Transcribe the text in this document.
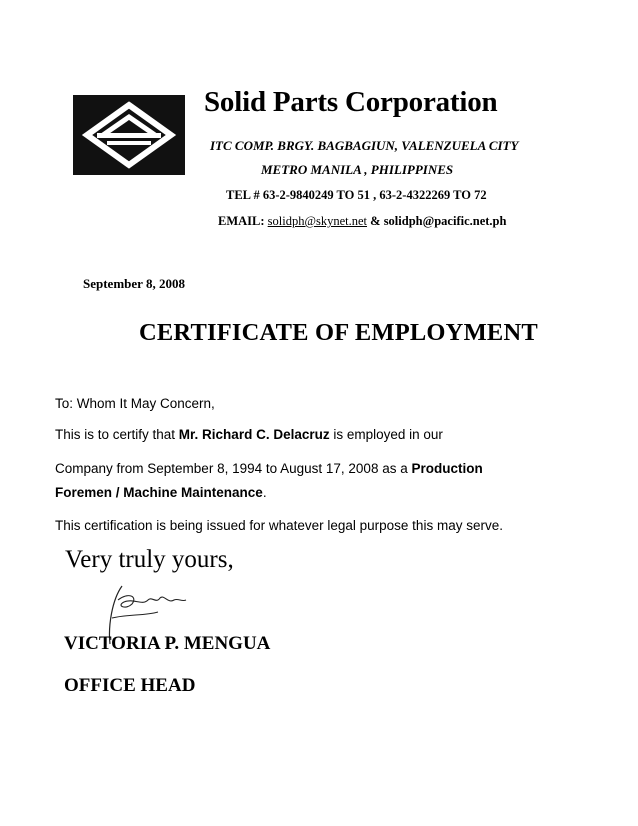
Solid Parts Corporation
ITC COMP. BRGY. BAGBAGIUN, VALENZUELA CITY
METRO MANILA , PHILIPPINES
TEL # 63-2-9840249 TO 51 , 63-2-4322269 TO 72
EMAIL: solidph@skynet.net & solidph@pacific.net.ph
September 8, 2008
CERTIFICATE OF EMPLOYMENT
To: Whom It May Concern,
This is to certify that Mr. Richard C. Delacruz is employed in our
Company from September 8, 1994 to August 17, 2008 as a Production
Foremen / Machine Maintenance.
This certification is being issued for whatever legal purpose this may serve.
Very truly yours,
VICTORIA P. MENGUA
OFFICE HEAD
